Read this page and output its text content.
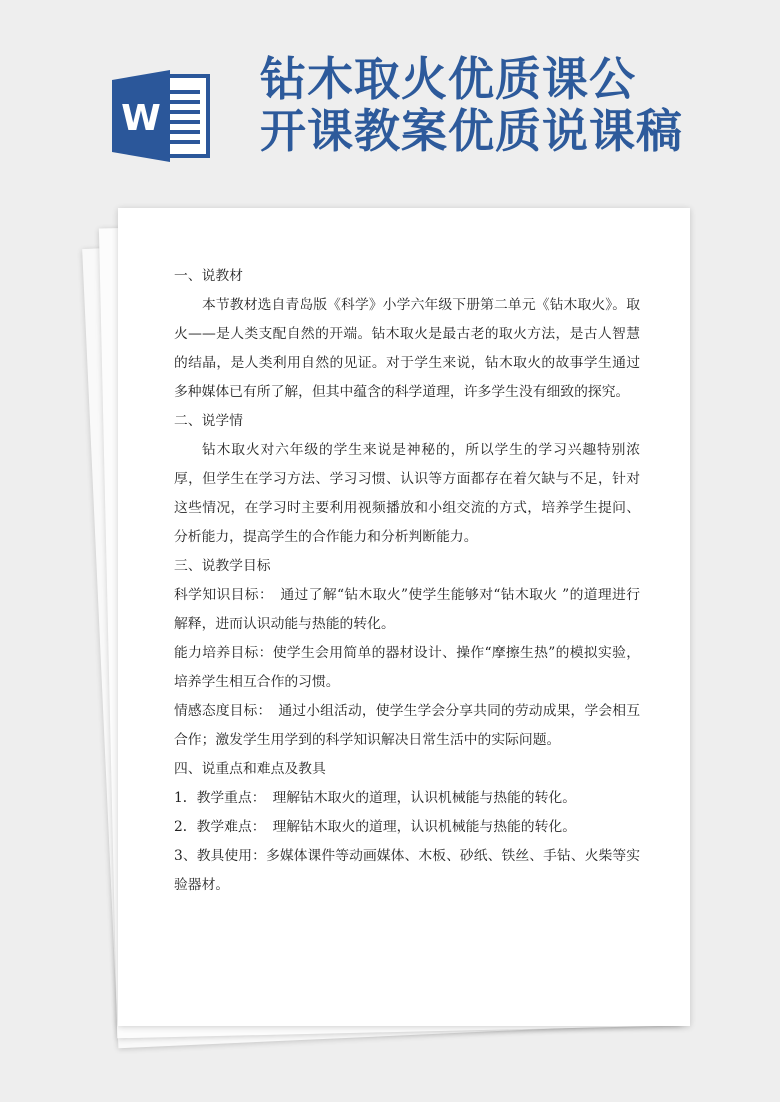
W
钻木取火优质课公
开课教案优质说课稿

一、说教材

本节教材选自青岛版《科学》小学六年级下册第二单元《钻木取火》。取火——是人类支配自然的开端。钻木取火是最古老的取火方法，是古人智慧的结晶，是人类利用自然的见证。对于学生来说，钻木取火的故事学生通过多种媒体已有所了解，但其中蕴含的科学道理，许多学生没有细致的探究。

二、说学情

钻木取火对六年级的学生来说是神秘的，所以学生的学习兴趣特别浓厚，但学生在学习方法、学习习惯、认识等方面都存在着欠缺与不足，针对这些情况，在学习时主要利用视频播放和小组交流的方式，培养学生提问、分析能力，提高学生的合作能力和分析判断能力。

三、说教学目标

科学知识目标：　通过了解“钻木取火”使学生能够对“钻木取火 ”的道理进行解释，进而认识动能与热能的转化。

能力培养目标：使学生会用简单的器材设计、操作“摩擦生热”的模拟实验，培养学生相互合作的习惯。

情感态度目标：　通过小组活动，使学生学会分享共同的劳动成果，学会相互合作；激发学生用学到的科学知识解决日常生活中的实际问题。

四、说重点和难点及教具

1．教学重点：　理解钻木取火的道理，认识机械能与热能的转化。

2．教学难点：　理解钻木取火的道理，认识机械能与热能的转化。

3、教具使用：多媒体课件等动画媒体、木板、砂纸、铁丝、手钻、火柴等实验器材。
